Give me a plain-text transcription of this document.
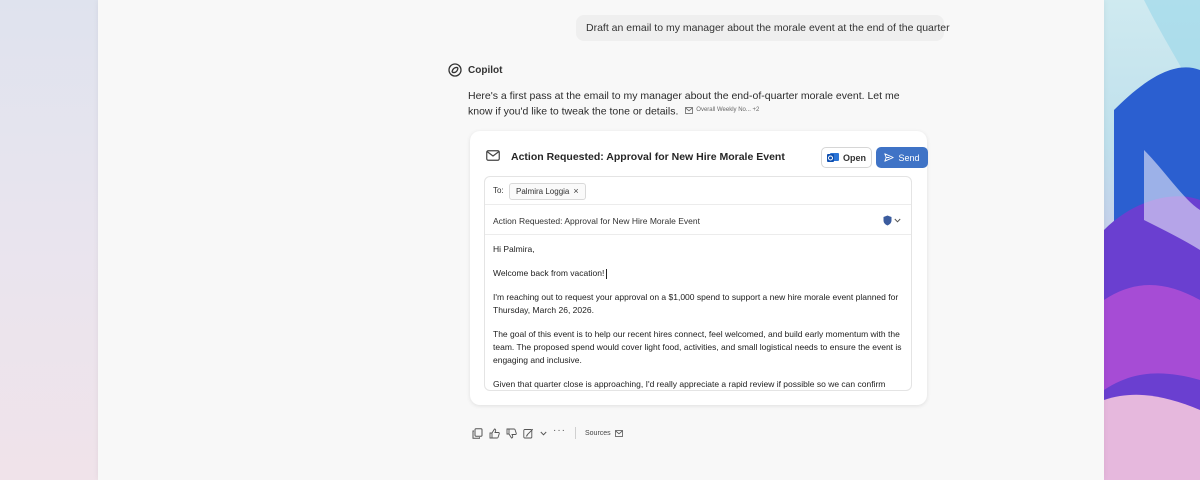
Draft an email to my manager about the morale event at the end of the quarter
Copilot
Here's a first pass at the email to my manager about the end-of-quarter morale event. Let me know if you'd like to tweak the tone or details.	Overall Weekly No... +2
Action Requested: Approval for New Hire Morale Event	Open	Send
To: Palmira Loggia ×
Action Requested: Approval for New Hire Morale Event

Hi Palmira,

Welcome back from vacation!

I'm reaching out to request your approval on a $1,000 spend to support a new hire morale event planned for Thursday, March 26, 2026.

The goal of this event is to help our recent hires connect, feel welcomed, and build early momentum with the team. The proposed spend would cover light food, activities, and small logistical needs to ensure the event is engaging and inclusive.

Given that quarter close is approaching, I'd really appreciate a rapid review if possible so we can confirm

···	Sources
